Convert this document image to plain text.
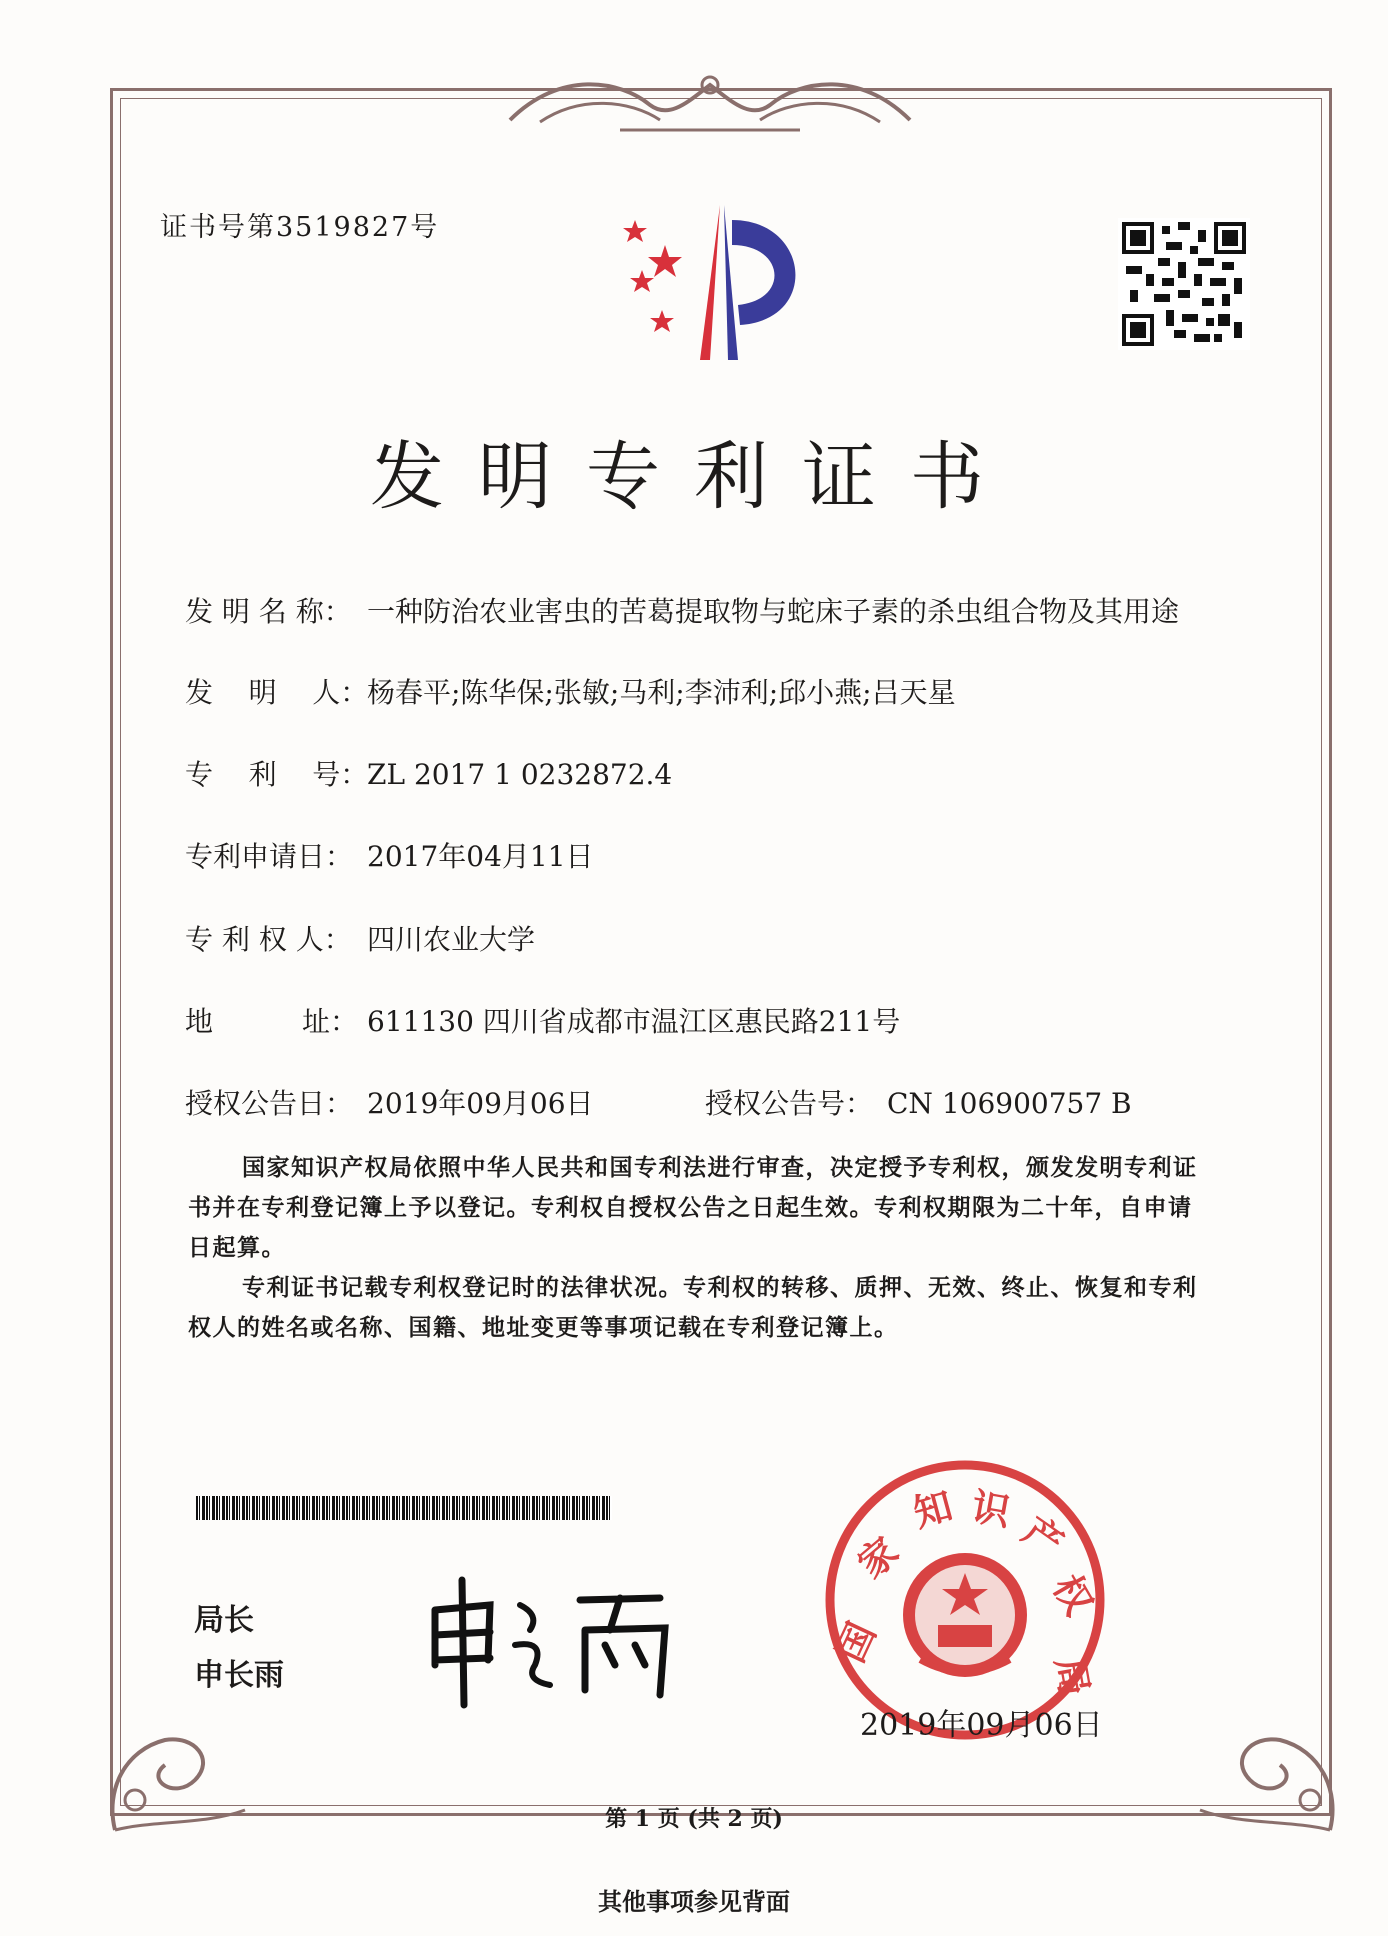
证书号第3519827号
发明专利证书
发 明 名 称： 一种防治农业害虫的苦葛提取物与蛇床子素的杀虫组合物及其用途
发    明    人：杨春平;陈华保;张敏;马利;李沛利;邱小燕;吕天星
专    利    号：ZL 2017 1 0232872.4
专利申请日： 2017年04月11日
专 利 权 人： 四川农业大学
地          址： 611130 四川省成都市温江区惠民路211号
授权公告日： 2019年09月06日	授权公告号： CN 106900757 B
国家知识产权局依照中华人民共和国专利法进行审查，决定授予专利权，颁发发明专利证书并在专利登记簿上予以登记。专利权自授权公告之日起生效。专利权期限为二十年，自申请日起算。
专利证书记载专利权登记时的法律状况。专利权的转移、质押、无效、终止、恢复和专利权人的姓名或名称、国籍、地址变更等事项记载在专利登记簿上。
局长
申长雨
国
家
知 识 产
权
局
2019年09月06日
第 1 页 (共 2 页)
其他事项参见背面
